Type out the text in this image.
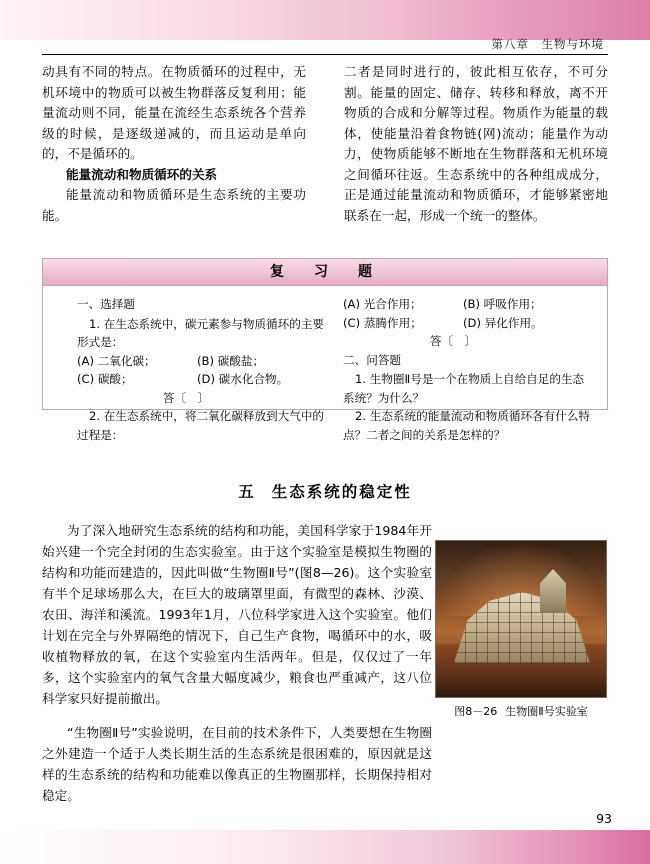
第八章　生物与环境

动具有不同的特点。在物质循环的过程中，无机环境中的物质可以被生物群落反复利用；能量流动则不同，能量在流经生态系统各个营养级的时候，是逐级递减的，而且运动是单向的，不是循环的。

能量流动和物质循环的关系

能量流动和物质循环是生态系统的主要功能。

二者是同时进行的，彼此相互依存，不可分割。能量的固定、储存、转移和释放，离不开物质的合成和分解等过程。物质作为能量的载体，使能量沿着食物链(网)流动；能量作为动力，使物质能够不断地在生物群落和无机环境之间循环往返。生态系统中的各种组成成分，正是通过能量流动和物质循环，才能够紧密地联系在一起，形成一个统一的整体。

复　习　题
一、选择题
1. 在生态系统中，碳元素参与物质循环的主要形式是：
(A) 二氧化碳；	(B) 碳酸盐；
(C) 碳酸；	(D) 碳水化合物。
答〔　〕
2. 在生态系统中，将二氧化碳释放到大气中的过程是：
(A) 光合作用；	(B) 呼吸作用；
(C) 蒸腾作用；	(D) 异化作用。
答〔　〕
二、问答题
1. 生物圈Ⅱ号是一个在物质上自给自足的生态系统？为什么？
2. 生态系统的能量流动和物质循环各有什么特点？二者之间的关系是怎样的？
五 生态系统的稳定性

为了深入地研究生态系统的结构和功能，美国科学家于1984年开始兴建一个完全封闭的生态实验室。由于这个实验室是模拟生物圈的结构和功能而建造的，因此叫做“生物圈Ⅱ号”(图8—26)。这个实验室有半个足球场那么大，在巨大的玻璃罩里面，有微型的森林、沙漠、农田、海洋和溪流。1993年1月，八位科学家进入这个实验室。他们计划在完全与外界隔绝的情况下，自己生产食物，喝循环中的水，吸收植物释放的氧，在这个实验室内生活两年。但是，仅仅过了一年多，这个实验室内的氧气含量大幅度减少，粮食也严重减产，这八位科学家只好提前撤出。

“生物圈Ⅱ号”实验说明，在目前的技术条件下，人类要想在生物圈之外建造一个适于人类长期生活的生态系统是很困难的，原因就是这样的生态系统的结构和功能难以像真正的生物圈那样，长期保持相对稳定。

图8－26 生物圈Ⅱ号实验室
93
